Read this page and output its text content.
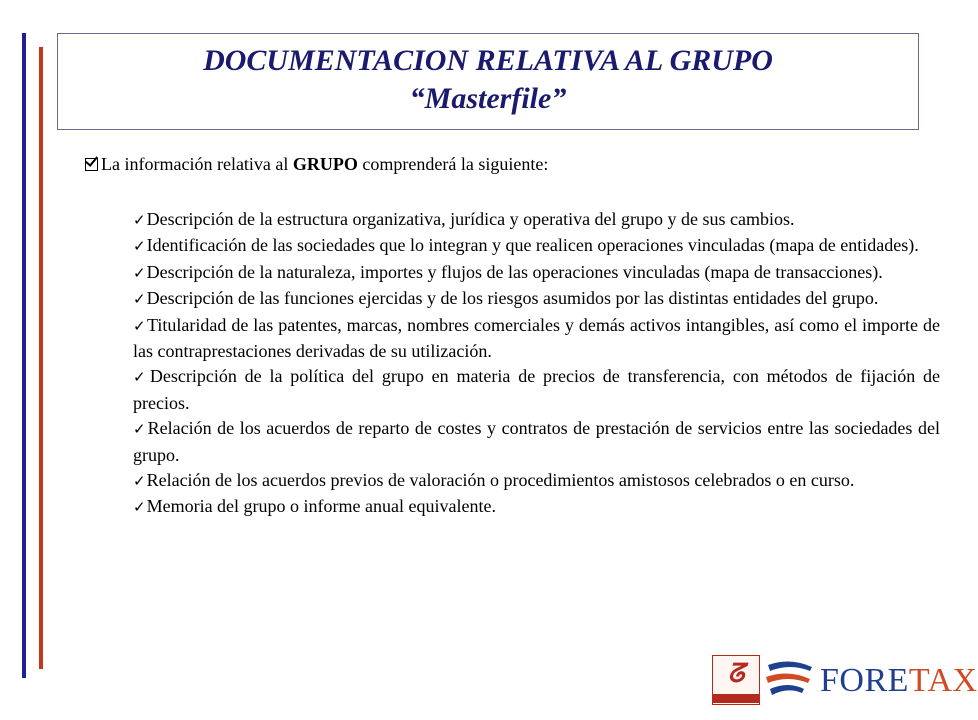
DOCUMENTACION RELATIVA AL GRUPO
“Masterfile”
La información relativa al GRUPO comprenderá la siguiente:
✓Descripción de la estructura organizativa, jurídica y operativa del grupo y de sus cambios.
✓Identificación de las sociedades que lo integran y que realicen operaciones vinculadas (mapa de entidades).
✓Descripción de la naturaleza, importes y flujos de las operaciones vinculadas (mapa de transacciones).
✓Descripción de las funciones ejercidas y de los riesgos asumidos por las distintas entidades del grupo.
✓Titularidad de las patentes, marcas, nombres comerciales y demás activos intangibles, así como el importe de las contraprestaciones derivadas de su utilización.
✓Descripción de la política del grupo en materia de precios de transferencia, con métodos de fijación de precios.
✓Relación de los acuerdos de reparto de costes y contratos de prestación de servicios entre las sociedades del grupo.
✓Relación de los acuerdos previos de valoración o procedimientos amistosos celebrados o en curso.
✓Memoria del grupo o informe anual equivalente.
ᘔ	FORETAX
